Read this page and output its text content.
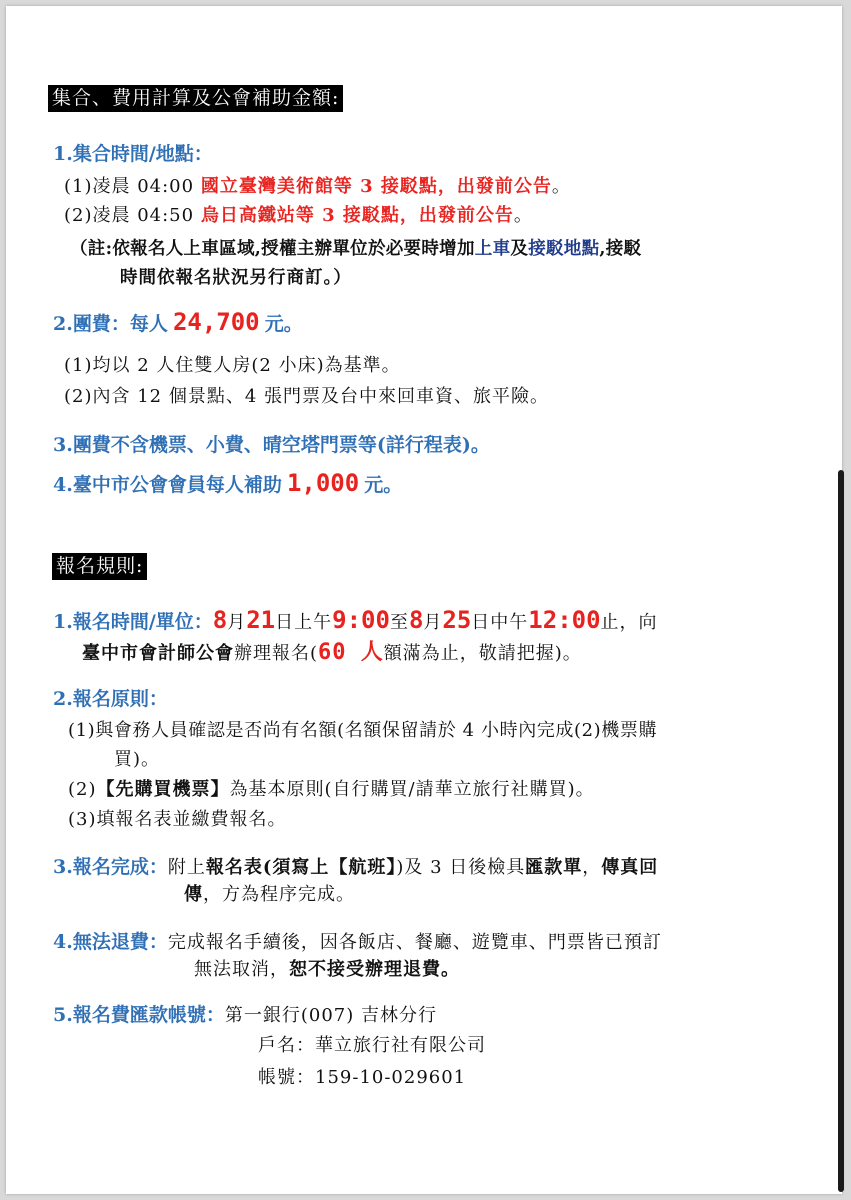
集合、費用計算及公會補助金額:
1.集合時間/地點：
(1)凌晨 04:00 國立臺灣美術館等 3 接駁點，出發前公告。
(2)凌晨 04:50 烏日高鐵站等 3 接駁點，出發前公告。
（註:依報名人上車區域,授權主辦單位於必要時增加上車及接駁地點,接駁
時間依報名狀況另行商訂。）
2.團費：每人 24,700 元。
(1)均以 2 人住雙人房(2 小床)為基準。
(2)內含 12 個景點、4 張門票及台中來回車資、旅平險。
3.團費不含機票、小費、晴空塔門票等(詳行程表)。
4.臺中市公會會員每人補助 1,000 元。
報名規則:
1.報名時間/單位：8月21日上午9:00至8月25日中午12:00止，向
臺中市會計師公會辦理報名(60 人額滿為止，敬請把握)。
2.報名原則：
(1)與會務人員確認是否尚有名額(名額保留請於 4 小時內完成(2)機票購
買)。
(2)【先購買機票】為基本原則(自行購買/請華立旅行社購買)。
(3)填報名表並繳費報名。
3.報名完成：附上報名表(須寫上【航班】)及 3 日後檢具匯款單，傳真回
傳，方為程序完成。
4.無法退費：完成報名手續後，因各飯店、餐廳、遊覽車、門票皆已預訂
無法取消，恕不接受辦理退費。
5.報名費匯款帳號：第一銀行(007) 吉林分行
戶名：華立旅行社有限公司
帳號：159-10-029601
